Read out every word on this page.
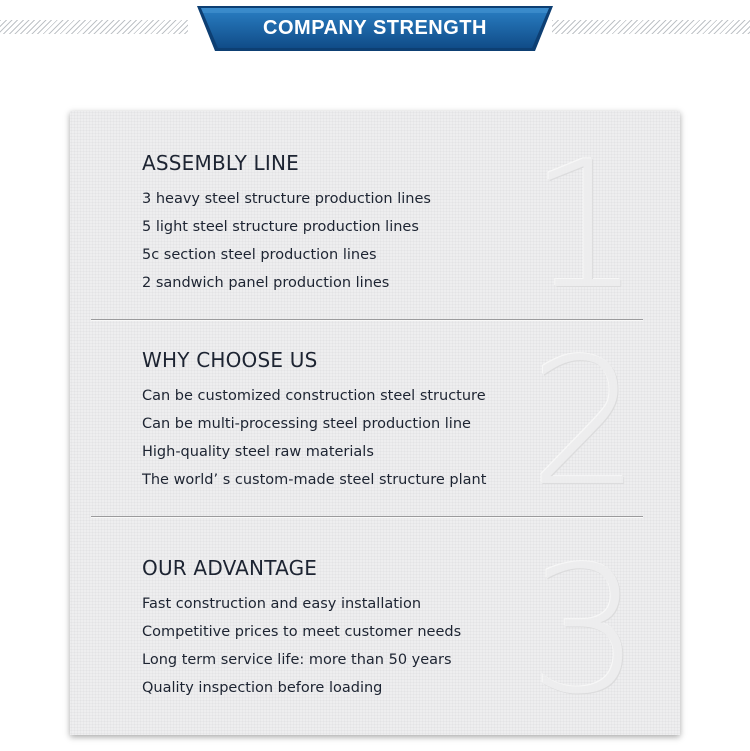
COMPANY STRENGTH
1
ASSEMBLY LINE
3 heavy steel structure production lines
5 light steel structure production lines
5c section steel production lines
2 sandwich panel production lines
2
WHY CHOOSE US
Can be customized construction steel structure
Can be multi-processing steel production line
High-quality steel raw materials
The world’ s custom-made steel structure plant
3
OUR ADVANTAGE
Fast construction and easy installation
Competitive prices to meet customer needs
Long term service life: more than 50 years
Quality inspection before loading
